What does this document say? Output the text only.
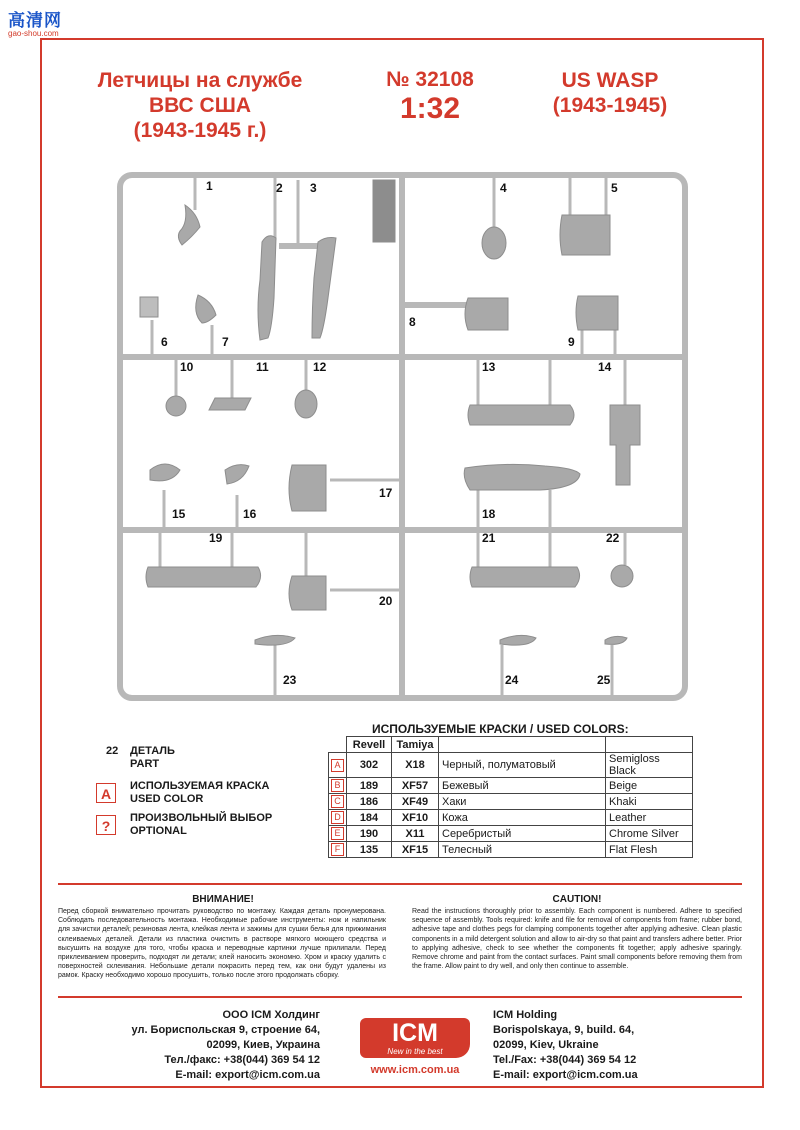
高清网
gao-shou.com
Летчицы на службе
ВВС США
(1943-1945 г.)
№ 32108
1:32
US WASP
(1943-1945)
1	2 3	4	5
6	7
8
9
10	11	12	13	14
15	16
17
18
19
20
21	22
23	24	25
22 ДЕТАЛЬ
PART
A	ИСПОЛЬЗУЕМАЯ КРАСКА
USED COLOR
?	ПРОИЗВОЛЬНЫЙ ВЫБОР
OPTIONAL
ИСПОЛЬЗУЕМЫЕ КРАСКИ / USED COLORS:
	Revell	Tamiya		
A	302	X18	Черный, полуматовый	Semigloss Black
B	189	XF57	Бежевый	Beige
C	186	XF49	Хаки	Khaki
D	184	XF10	Кожа	Leather
E	190	X11	Серебристый	Chrome Silver
F	135	XF15	Телесный	Flat Flesh
ВНИМАНИЕ!
Перед сборкой внимательно прочитать руководство по монтажу. Каждая деталь пронумерована. Соблюдать последовательность монтажа. Необходимые рабочие инструменты: нож и напильник для зачистки деталей; резиновая лента, клейкая лента и зажимы для сушки белья для прижимания склеиваемых деталей. Детали из пластика очистить в растворе мягкого моющего средства и высушить на воздухе для того, чтобы краска и переводные картинки лучше прилипали. Перед приклеиванием проверить, подходят ли детали; клей наносить экономно. Хром и краску удалить с поверхностей склеивания. Небольшие детали покрасить перед тем, как они будут удалены из рамок. Краску необходимо хорошо просушить, только после этого продолжать сборку.
CAUTION!
Read the instructions thoroughly prior to assembly. Each component is numbered. Adhere to specified sequence of assembly. Tools required: knife and file for removal of components from frame; rubber bond, adhesive tape and clothes pegs for clamping components together after applying adhesive. Clean plastic components in a mild detergent solution and allow to air-dry so that paint and transfers adhere better. Prior to applying adhesive, check to see whether the components fit together; apply adhesive sparingly. Remove chrome and paint from the contact surfaces. Paint small components before removing them from the frame. Allow paint to dry well, and only then continue to assemble.
ООО ICM Холдинг
ул. Бориспольская 9, строение 64,
02099, Киев, Украина
Тел./факс: +38(044) 369 54 12
E-mail: export@icm.com.ua
ICM
New in the best
www.icm.com.ua
ICM Holding
Borispolskaya, 9, build. 64,
02099, Kiev, Ukraine
Tel./Fax: +38(044) 369 54 12
E-mail: export@icm.com.ua
